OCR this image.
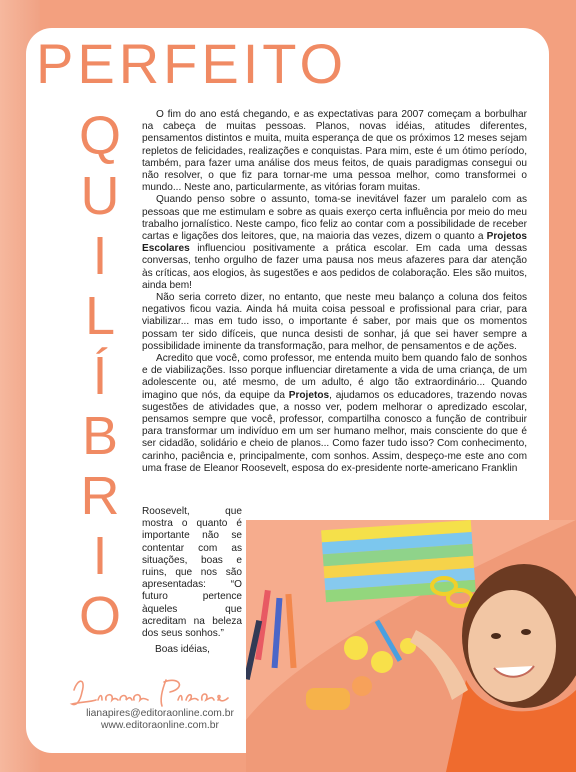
PERFEITO
Q
U
I
L
Í
B
R
I
O

O fim do ano está chegando, e as expectativas para 2007 começam a borbulhar na cabeça de muitas pessoas. Planos, novas idéias, atitudes diferentes, pensamentos distintos e muita, muita esperança de que os próximos 12 meses sejam repletos de felicidades, realizações e conquistas. Para mim, este é um ótimo período, também, para fazer uma análise dos meus feitos, de quais paradigmas consegui ou não resolver, o que fiz para tornar-me uma pessoa melhor, como transformei o mundo... Neste ano, particularmente, as vitórias foram muitas.

Quando penso sobre o assunto, toma-se inevitável fazer um paralelo com as pessoas que me estimulam e sobre as quais exerço certa influência por meio do meu trabalho jornalístico. Neste campo, fico feliz ao contar com a possibilidade de receber cartas e ligações dos leitores, que, na maioria das vezes, dizem o quanto a Projetos Escolares influenciou positivamente a prática escolar. Em cada uma dessas conversas, tenho orgulho de fazer uma pausa nos meus afazeres para dar atenção às críticas, aos elogios, às sugestões e aos pedidos de colaboração. Eles são muitos, ainda bem!

Não seria correto dizer, no entanto, que neste meu balanço a coluna dos feitos negativos ficou vazia. Ainda há muita coisa pessoal e profissional para criar, para viabilizar... mas em tudo isso, o importante é saber, por mais que os momentos possam ter sido difíceis, que nunca desisti de sonhar, já que sei haver sempre a possibilidade iminente da transformação, para melhor, de pensamentos e de ações.

Acredito que você, como professor, me entenda muito bem quando falo de sonhos e de viabilizações. Isso porque influenciar diretamente a vida de uma criança, de um adolescente ou, até mesmo, de um adulto, é algo tão extraordinário... Quando imagino que nós, da equipe da Projetos, ajudamos os educadores, trazendo novas sugestões de atividades que, a nosso ver, podem melhorar o apredizado escolar, pensamos sempre que você, professor, compartilha conosco a função de contribuir para transformar um indivíduo em um ser humano melhor, mais consciente do que é ser cidadão, solidário e cheio de planos... Como fazer tudo isso? Com conhecimento, carinho, paciência e, principalmente, com sonhos. Assim, despeço-me este ano com uma frase de Eleanor Roosevelt, esposa do ex-presidente norte-americano Franklin

Roosevelt, que mostra o quanto é importante não se contentar com as situações, boas e ruins, que nos são apresentadas: “O futuro pertence àqueles que acreditam na beleza dos seus sonhos.”
Boas idéias,
lianapires@editoraonline.com.br
www.editoraonline.com.br
